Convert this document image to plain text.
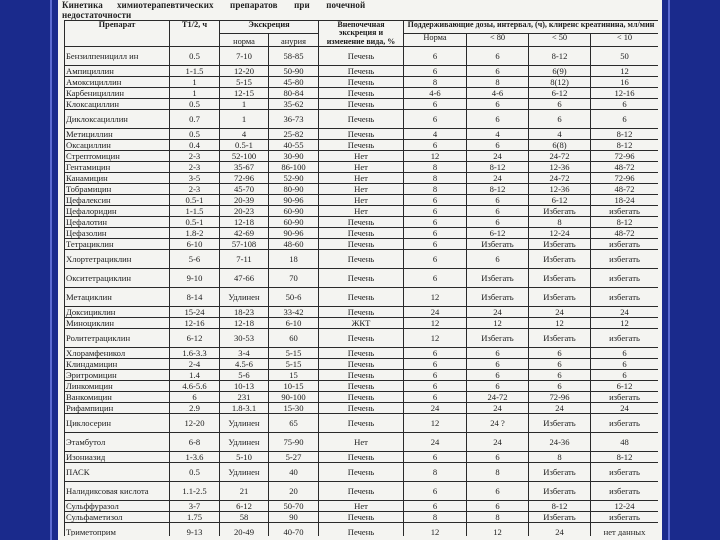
Кинетика      химиотерапевтических       препаратов       при       почечной
недостаточности
Препарат	Т1/2, ч	Экскреция		Внепочечная экскреция и изменение вида, %	Поддерживающие дозы, интервал, (ч), клиренс креатинина, мл/мин			
		норма	анурия		Норма	< 80	< 50	< 10
Бензилпеницилл ин	0.5	7-10	58-85	Печень	6	6	8-12	50
Ампициллин	1-1.5	12-20	50-90	Печень	6	6	6(9)	12
Амоксициллин	1	5-15	45-80	Печень	8	8	8(12)	16
Карбенициллин	1	12-15	80-84	Печень	4-6	4-6	6-12	12-16
Клоксациллин	0.5	1	35-62	Печень	6	6	6	6
Диклоксациллин	0.7	1	36-73	Печень	6	6	6	6
Метициллин	0.5	4	25-82	Печень	4	4	4	8-12
Оксациллин	0.4	0.5-1	40-55	Печень	6	6	6(8)	8-12
Стрептомицин	2-3	52-100	30-90	Нет	12	24	24-72	72-96
Гентамицин	2-3	35-67	86-100	Нет	8	8-12	12-36	48-72
Канамицин	3-5	72-96	52-90	Нет	8	24	24-72	72-96
Тобрамицин	2-3	45-70	80-90	Нет	8	8-12	12-36	48-72
Цефалексин	0.5-1	20-39	90-96	Нет	6	6	6-12	18-24
Цефалоридин	1-1.5	20-23	60-90	Нет	6	6	Избегать	избегать
Цефалотин	0.5-1	12-18	60-90	Печень	6	6	8	8-12
Цефазолин	1.8-2	42-69	90-96	Печень	6	6-12	12-24	48-72
Тетрациклин	6-10	57-108	48-60	Печень	6	Избегать	Избегать	избегать
Хлортетрациклин	5-6	7-11	18	Печень	6	6	Избегать	избегать
Окситетрациклин	9-10	47-66	70	Печень	6	Избегать	Избегать	избегать
Метациклин	8-14	Удлинен	50-6	Печень	12	Избегать	Избегать	избегать
Доксициклин	15-24	18-23	33-42	Печень	24	24	24	24
Миноциклин	12-16	12-18	6-10	ЖКТ	12	12	12	12
Ролитетрациклин	6-12	30-53	60	Печень	12	Избегать	Избегать	избегать
Хлорамфеникол	1.6-3.3	3-4	5-15	Печень	6	6	6	6
Клиндамицин	2-4	4.5-6	5-15	Печень	6	6	6	6
Эритромицин	1.4	5-6	15	Печень	6	6	6	6
Линкомицин	4.6-5.6	10-13	10-15	Печень	6	6	6	6-12
Ванкомицин	6	231	90-100	Печень	6	24-72	72-96	избегать
Рифампицин	2.9	1.8-3.1	15-30	Печень	24	24	24	24
Циклосерин	12-20	Удлинен	65	Печень	12	24 ?	Избегать	избегать
Этамбутол	6-8	Удлинен	75-90	Нет	24	24	24-36	48
Изониазид	1-3.6	5-10	5-27	Печень	6	6	8	8-12
ПАСК	0.5	Удлинен	40	Печень	8	8	Избегать	избегать
Налидиксовая кислота	1.1-2.5	21	20	Печень	6	6	Избегать	избегать
Сульффуразол	3-7	6-12	50-70	Нет	6	6	8-12	12-24
Сульфаметизол	1.75	58	90	Печень	8	8	Избегать	избегать
Триметоприм	9-13	20-49	40-70	Печень	12	12	24	нет данных
